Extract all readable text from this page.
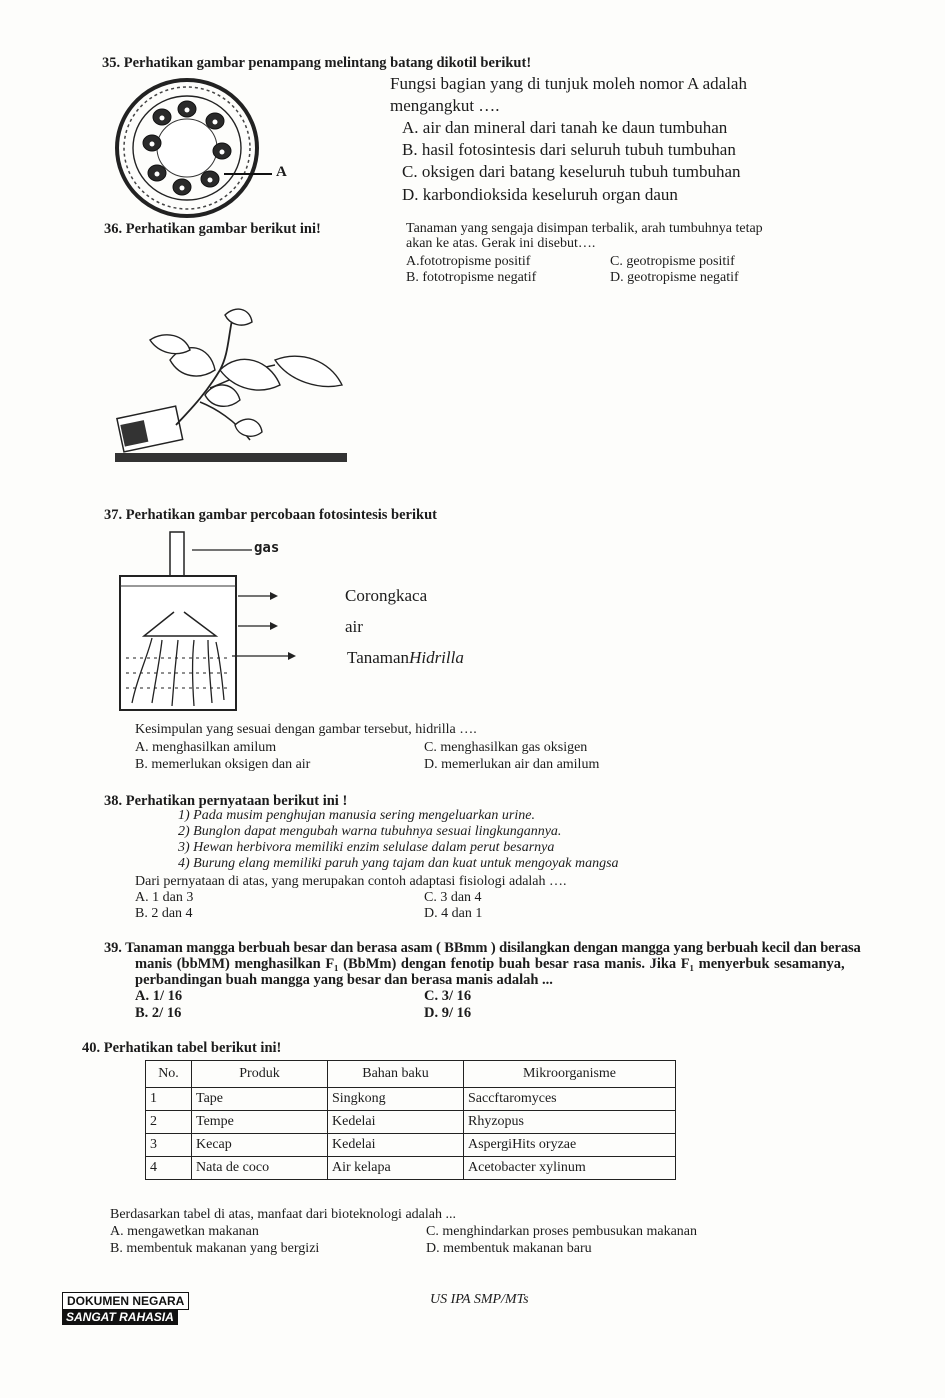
35. Perhatikan gambar penampang melintang batang dikotil berikut!
A
Fungsi bagian yang di tunjuk moleh nomor A adalah
mengangkut ….
A. air dan mineral dari tanah ke daun tumbuhan
B. hasil fotosintesis dari seluruh tubuh tumbuhan
C. oksigen dari batang keseluruh tubuh tumbuhan
D. karbondioksida keseluruh organ daun
36. Perhatikan gambar berikut ini!	Tanaman yang sengaja disimpan terbalik, arah tumbuhnya tetap
akan ke atas. Gerak ini disebut….
A.fototropisme positif
B. fototropisme negatif
C. geotropisme positif
D. geotropisme negatif
37. Perhatikan gambar percobaan fotosintesis berikut
gas
Corongkaca
air
TanamanHidrilla
Kesimpulan yang sesuai dengan gambar tersebut, hidrilla ….
A. menghasilkan amilum
B. memerlukan oksigen dan air
C. menghasilkan gas oksigen
D. memerlukan air dan amilum
38. Perhatikan pernyataan berikut ini !
1) Pada musim penghujan manusia sering mengeluarkan urine.
2) Bunglon dapat mengubah warna tubuhnya sesuai lingkungannya.
3) Hewan herbivora memiliki enzim selulase dalam perut besarnya
4) Burung elang memiliki paruh yang tajam dan kuat untuk mengoyak mangsa
Dari pernyataan di atas, yang merupakan contoh adaptasi fisiologi adalah ….
A. 1 dan 3
B. 2 dan 4
C. 3 dan 4
D. 4 dan 1
39. Tanaman mangga berbuah besar dan berasa asam ( BBmm ) disilangkan dengan mangga yang berbuah kecil dan berasa
manis (bbMM) menghasilkan F₁ (BbMm) dengan fenotip buah besar rasa manis. Jika F₁ menyerbuk sesamanya,
perbandingan buah mangga yang besar dan berasa manis adalah ...
A. 1/ 16
B. 2/ 16
C. 3/ 16
D. 9/ 16
40. Perhatikan tabel berikut ini!
No.	Produk	Bahan baku	Mikroorganisme
1	Tape	Singkong	Saccftaromyces
2	Tempe	Kedelai	Rhyzopus
3	Kecap	Kedelai	AspergiHits oryzae
4	Nata de coco	Air kelapa	Acetobacter xylinum
Berdasarkan tabel di atas, manfaat dari bioteknologi adalah ...
A. mengawetkan makanan
B. membentuk makanan yang bergizi
C. menghindarkan proses pembusukan makanan
D. membentuk makanan baru
DOKUMEN NEGARA
SANGAT RAHASIA
US IPA SMP/MTs
